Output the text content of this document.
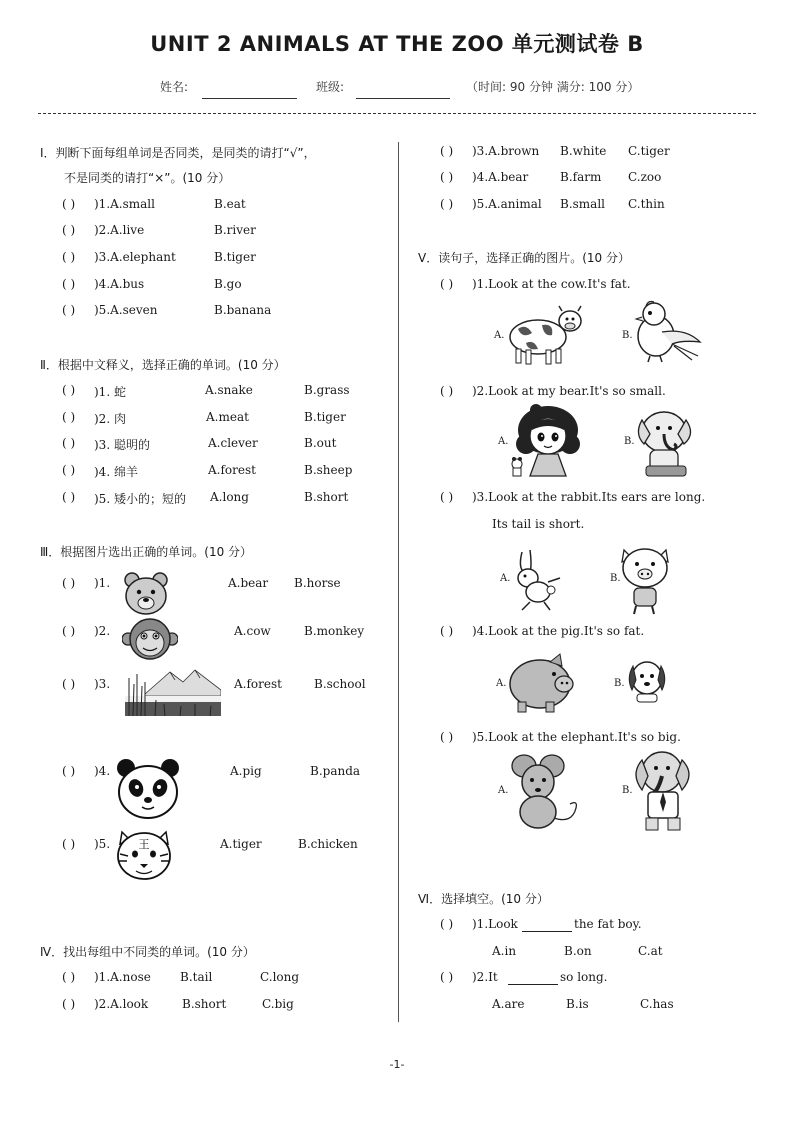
UNIT 2 ANIMALS AT THE ZOO 单元测试卷 B
姓名:	班级:	（时间: 90 分钟 满分: 100 分）
Ⅰ．判断下面每组单词是否同类，是同类的请打“√”，
不是同类的请打“×”。(10 分）
( ) )1.A.small	B.eat
( ) )2.A.live	B.river
( ) )3.A.elephant	B.tiger
( ) )4.A.bus	B.go
( ) )5.A.seven	B.banana
Ⅱ．根据中文释义，选择正确的单词。(10 分）
( ) )1. 蛇	A.snake	B.grass
( ) )2. 肉	A.meat	B.tiger
( ) )3. 聪明的	A.clever	B.out
( ) )4. 绵羊	A.forest	B.sheep
( ) )5. 矮小的；短的 A.long	B.short
Ⅲ．根据图片选出正确的单词。(10 分）
( ) )1.	A.bear B.horse
( ) )2.	A.cow	B.monkey
( ) )3.	A.forest	B.school
( ) )4.	A.pig	B.panda
( ) )5.	王	A.tiger	B.chicken
Ⅳ．找出每组中不同类的单词。(10 分）
( ) )1.A.nose B.tail	C.long
( ) )2.A.look	B.short	C.big
( ) )3.A.brown B.white C.tiger
( ) )4.A.bear	B.farm C.zoo
( ) )5.A.animal B.small C.thin
Ⅴ．读句子，选择正确的图片。(10 分）
( ) )1.Look at the cow.It's fat.
A.	B.
( ) )2.Look at my bear.It's so small.
A.	B.
( ) )3.Look at the rabbit.Its ears are long.
Its tail is short.
A.	B.
( ) )4.Look at the pig.It's so fat.
A.	B.
( ) )5.Look at the elephant.It's so big.
A.	B.
Ⅵ．选择填空。(10 分）
( ) )1.Look	the fat boy.
A.in	B.on	C.at
( ) )2.It	so long.
A.are	B.is	C.has
-1-
